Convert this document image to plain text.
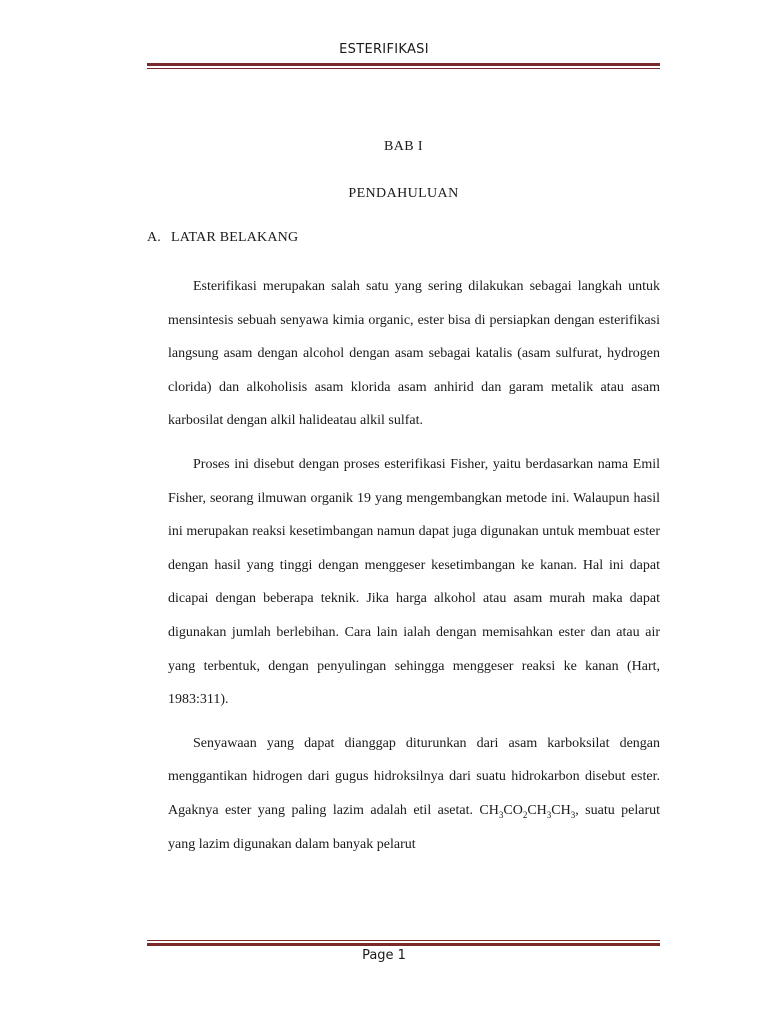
ESTERIFIKASI
BAB I
PENDAHULUAN
A. LATAR BELAKANG

Esterifikasi merupakan salah satu yang sering dilakukan sebagai langkah untuk mensintesis sebuah senyawa kimia organic, ester bisa di persiapkan dengan esterifikasi langsung asam dengan alcohol dengan asam sebagai katalis (asam sulfurat, hydrogen clorida) dan alkoholisis asam klorida asam anhirid dan garam metalik atau asam karbosilat dengan alkil halideatau alkil sulfat.

Proses ini disebut dengan proses esterifikasi Fisher, yaitu berdasarkan nama Emil Fisher, seorang ilmuwan organik 19 yang mengembangkan metode ini. Walaupun hasil ini merupakan reaksi kesetimbangan namun dapat juga digunakan untuk membuat ester dengan hasil yang tinggi dengan menggeser kesetimbangan ke kanan. Hal ini dapat dicapai dengan beberapa teknik. Jika harga alkohol atau asam murah maka dapat digunakan jumlah berlebihan. Cara lain ialah dengan memisahkan ester dan atau air yang terbentuk, dengan penyulingan sehingga menggeser reaksi ke kanan (Hart, 1983:311).

Senyawaan yang dapat dianggap diturunkan dari asam karboksilat dengan menggantikan hidrogen dari gugus hidroksilnya dari suatu hidrokarbon disebut ester. Agaknya ester yang paling lazim adalah etil asetat. $CH_3CO_2CH_3CH_3$, suatu pelarut yang lazim digunakan dalam banyak pelarut

Page 1
